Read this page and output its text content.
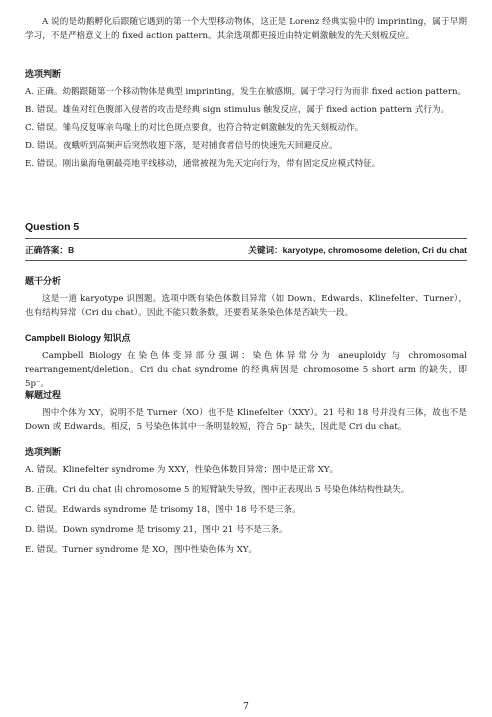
A 说的是幼鹅孵化后跟随它遇到的第一个大型移动物体，这正是 Lorenz 经典实验中的 imprinting，属于早期学习，不是严格意义上的 fixed action pattern。其余选项都更接近由特定刺激触发的先天刻板反应。

选项判断

A. 正确。幼鹅跟随第一个移动物体是典型 imprinting，发生在敏感期，属于学习行为而非 fixed action pattern。

B. 错误。雄鱼对红色腹部入侵者的攻击是经典 sign stimulus 触发反应，属于 fixed action pattern 式行为。

C. 错误。雏鸟反复啄亲鸟喙上的对比色斑点要食，也符合特定刺激触发的先天刻板动作。

D. 错误。夜蛾听到高频声后突然收翅下落，是对捕食者信号的快速先天回避反应。

E. 错误。刚出巢海龟朝最亮地平线移动，通常被视为先天定向行为，带有固定反应模式特征。

Question 5

正确答案：B	关键词：karyotype, chromosome deletion, Cri du chat

题干分析

这是一道 karyotype 识图题。选项中既有染色体数目异常（如 Down、Edwards、Klinefelter、Turner），也有结构异常（Cri du chat）。因此不能只数条数，还要看某条染色体是否缺失一段。

Campbell Biology 知识点

Campbell Biology 在染色体变异部分强调：染色体异常分为 aneuploidy 与 chromosomal rearrangement/deletion。Cri du chat syndrome 的经典病因是 chromosome 5 short arm 的缺失，即 5p⁻。

解题过程

图中个体为 XY，说明不是 Turner（XO）也不是 Klinefelter（XXY）。21 号和 18 号并没有三体，故也不是 Down 或 Edwards。相反，5 号染色体其中一条明显较短，符合 5p⁻ 缺失，因此是 Cri du chat。

选项判断

A. 错误。Klinefelter syndrome 为 XXY，性染色体数目异常；图中是正常 XY。

B. 正确。Cri du chat 由 chromosome 5 的短臂缺失导致，图中正表现出 5 号染色体结构性缺失。

C. 错误。Edwards syndrome 是 trisomy 18，图中 18 号不是三条。

D. 错误。Down syndrome 是 trisomy 21，图中 21 号不是三条。

E. 错误。Turner syndrome 是 XO，图中性染色体为 XY。

7
